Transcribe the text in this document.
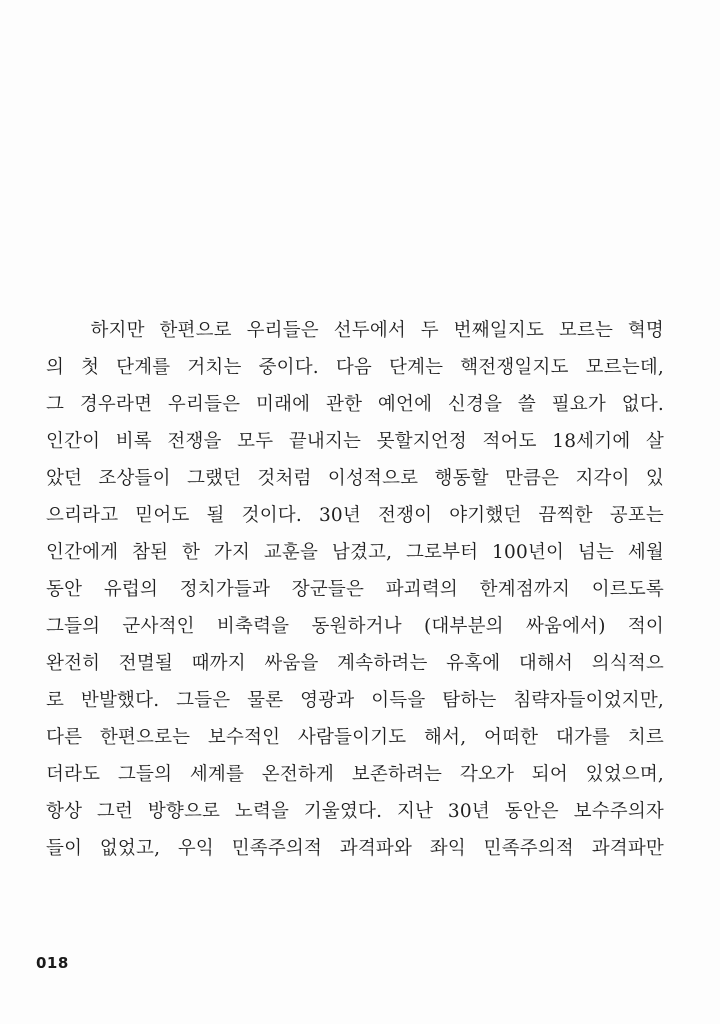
하지만 한편으로 우리들은 선두에서 두 번째일지도 모르는 혁명
의 첫 단계를 거치는 중이다. 다음 단계는 핵전쟁일지도 모르는데,
그 경우라면 우리들은 미래에 관한 예언에 신경을 쓸 필요가 없다.
인간이 비록 전쟁을 모두 끝내지는 못할지언정 적어도 18세기에 살
았던 조상들이 그랬던 것처럼 이성적으로 행동할 만큼은 지각이 있
으리라고 믿어도 될 것이다. 30년 전쟁이 야기했던 끔찍한 공포는
인간에게 참된 한 가지 교훈을 남겼고, 그로부터 100년이 넘는 세월
동안 유럽의 정치가들과 장군들은 파괴력의 한계점까지 이르도록
그들의 군사적인 비축력을 동원하거나 (대부분의 싸움에서) 적이
완전히 전멸될 때까지 싸움을 계속하려는 유혹에 대해서 의식적으
로 반발했다. 그들은 물론 영광과 이득을 탐하는 침략자들이었지만,
다른 한편으로는 보수적인 사람들이기도 해서, 어떠한 대가를 치르
더라도 그들의 세계를 온전하게 보존하려는 각오가 되어 있었으며,
항상 그런 방향으로 노력을 기울였다. 지난 30년 동안은 보수주의자
들이 없었고, 우익 민족주의적 과격파와 좌익 민족주의적 과격파만
018
